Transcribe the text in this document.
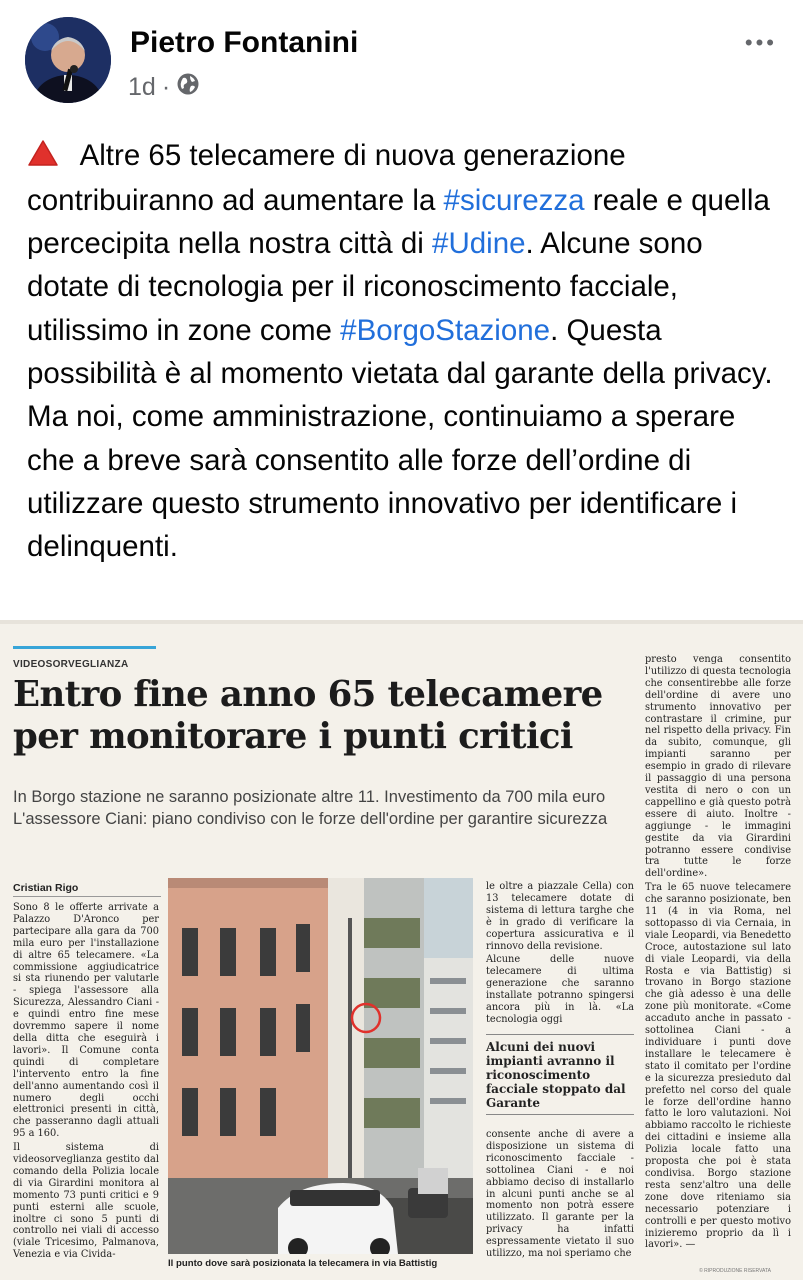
Pietro Fontanini
1d ·
•••

Altre 65 telecamere di nuova generazione contribuiranno ad aumentare la #sicurezza reale e quella percecipita nella nostra città di #Udine. Alcune sono dotate di tecnologia per il riconoscimento facciale, utilissimo in zone come #BorgoStazione. Questa possibilità è al momento vietata dal garante della privacy. Ma noi, come amministrazione, continuiamo a sperare che a breve sarà consentito alle forze dell’ordine di utilizzare questo strumento innovativo per identificare i delinquenti.

VIDEOSORVEGLIANZA
Entro fine anno 65 telecamere per monitorare i punti critici
In Borgo stazione ne saranno posizionate altre 11. Investimento da 700 mila euro
L'assessore Ciani: piano condiviso con le forze dell'ordine per garantire sicurezza
Cristian Rigo

Sono 8 le offerte arrivate a Palazzo D'Aronco per partecipare alla gara da 700 mila euro per l'installazione di altre 65 telecamere. «La commissione aggiudicatrice si sta riunendo per valutarle - spiega l'assessore alla Sicurezza, Alessandro Ciani - e quindi entro fine mese dovremmo sapere il nome della ditta che eseguirà i lavori». Il Comune conta quindi di completare l'intervento entro la fine dell'anno aumentando così il numero degli occhi elettronici presenti in città, che passeranno dagli attuali 95 a 160.

Il sistema di videosorveglianza gestito dal comando della Polizia locale di via Girardini monitora al momento 73 punti critici e 9 punti esterni alle scuole, inoltre ci sono 5 punti di controllo nei viali di accesso (viale Tricesimo, Palmanova, Venezia e via Civida-

Il punto dove sarà posizionata la telecamera in via Battistig

le oltre a piazzale Cella) con 13 telecamere dotate di sistema di lettura targhe che è in grado di verificare la copertura assicurativa e il rinnovo della revisione.

Alcune delle nuove telecamere di ultima generazione che saranno installate potranno spingersi ancora più in là. «La tecnologia oggi

Alcuni dei nuovi impianti avranno il riconoscimento facciale stoppato dal Garante

consente anche di avere a disposizione un sistema di riconoscimento facciale - sottolinea Ciani - e noi abbiamo deciso di installarlo in alcuni punti anche se al momento non potrà essere utilizzato. Il garante per la privacy ha infatti espressamente vietato il suo utilizzo, ma noi speriamo che

presto venga consentito l'utilizzo di questa tecnologia che consentirebbe alle forze dell'ordine di avere uno strumento innovativo per contrastare il crimine, pur nel rispetto della privacy. Fin da subito, comunque, gli impianti saranno per esempio in grado di rilevare il passaggio di una persona vestita di nero o con un cappellino e già questo potrà essere di aiuto. Inoltre - aggiunge - le immagini gestite da via Girardini potranno essere condivise tra tutte le forze dell'ordine».

Tra le 65 nuove telecamere che saranno posizionate, ben 11 (4 in via Roma, nel sottopasso di via Cernaia, in viale Leopardi, via Benedetto Croce, autostazione sul lato di viale Leopardi, via della Rosta e via Battistig) si trovano in Borgo stazione che già adesso è una delle zone più monitorate. «Come accaduto anche in passato - sottolinea Ciani - a individuare i punti dove installare le telecamere è stato il comitato per l'ordine e la sicurezza presieduto dal prefetto nel corso del quale le forze dell'ordine hanno fatto le loro valutazioni. Noi abbiamo raccolto le richieste dei cittadini e insieme alla Polizia locale fatto una proposta che poi è stata condivisa. Borgo stazione resta senz'altro una delle zone dove riteniamo sia necessario potenziare i controlli e per questo motivo inizieremo proprio da lì i lavori». —

© RIPRODUZIONE RISERVATA
